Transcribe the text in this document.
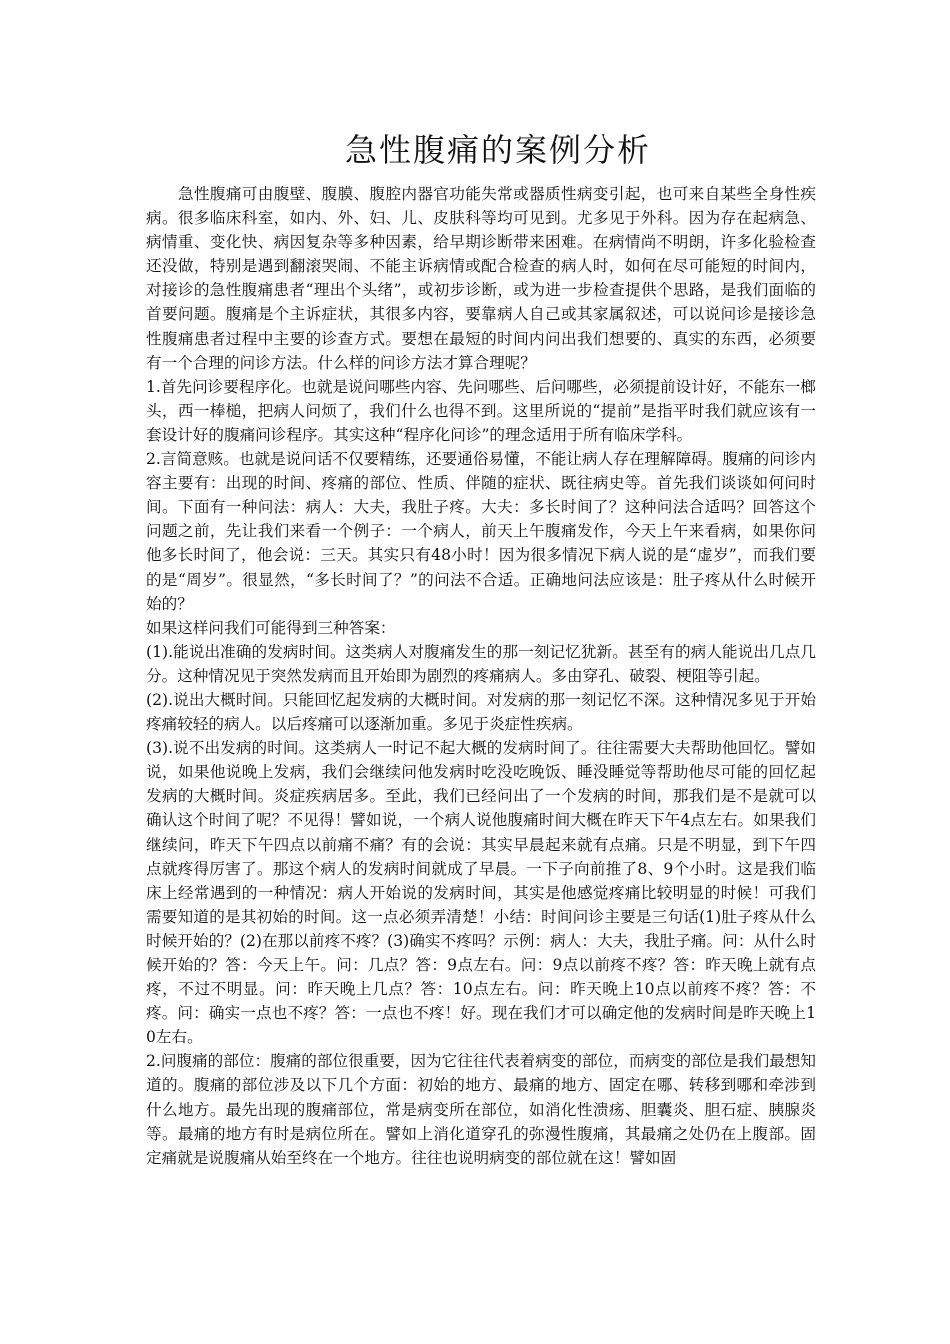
急性腹痛的案例分析

急性腹痛可由腹壁、腹膜、腹腔内器官功能失常或器质性病变引起，也可来自某些全身性疾病。很多临床科室，如内、外、妇、儿、皮肤科等均可见到。尤多见于外科。因为存在起病急、病情重、变化快、病因复杂等多种因素，给早期诊断带来困难。在病情尚不明朗，许多化验检查还没做，特别是遇到翻滚哭闹、不能主诉病情或配合检查的病人时，如何在尽可能短的时间内，对接诊的急性腹痛患者“理出个头绪”，或初步诊断，或为进一步检查提供个思路，是我们面临的首要问题。腹痛是个主诉症状，其很多内容，要靠病人自己或其家属叙述，可以说问诊是接诊急性腹痛患者过程中主要的诊查方式。要想在最短的时间内问出我们想要的、真实的东西，必须要有一个合理的问诊方法。什么样的问诊方法才算合理呢？

1.首先问诊要程序化。也就是说问哪些内容、先问哪些、后问哪些，必须提前设计好，不能东一榔头，西一棒槌，把病人问烦了，我们什么也得不到。这里所说的“提前”是指平时我们就应该有一套设计好的腹痛问诊程序。其实这种“程序化问诊”的理念适用于所有临床学科。

2.言简意赅。也就是说问话不仅要精练，还要通俗易懂，不能让病人存在理解障碍。腹痛的问诊内容主要有：出现的时间、疼痛的部位、性质、伴随的症状、既往病史等。首先我们谈谈如何问时间。下面有一种问法：病人：大夫，我肚子疼。大夫：多长时间了？这种问法合适吗？回答这个问题之前，先让我们来看一个例子：一个病人，前天上午腹痛发作，今天上午来看病，如果你问他多长时间了，他会说：三天。其实只有48小时！因为很多情况下病人说的是“虚岁”，而我们要的是“周岁”。很显然，“多长时间了？”的问法不合适。正确地问法应该是：肚子疼从什么时候开始的？

如果这样问我们可能得到三种答案：

(1).能说出准确的发病时间。这类病人对腹痛发生的那一刻记忆犹新。甚至有的病人能说出几点几分。这种情况见于突然发病而且开始即为剧烈的疼痛病人。多由穿孔、破裂、梗阻等引起。

(2).说出大概时间。只能回忆起发病的大概时间。对发病的那一刻记忆不深。这种情况多见于开始疼痛较轻的病人。以后疼痛可以逐渐加重。多见于炎症性疾病。

(3).说不出发病的时间。这类病人一时记不起大概的发病时间了。往往需要大夫帮助他回忆。譬如说，如果他说晚上发病，我们会继续问他发病时吃没吃晚饭、睡没睡觉等帮助他尽可能的回忆起发病的大概时间。炎症疾病居多。至此，我们已经问出了一个发病的时间，那我们是不是就可以确认这个时间了呢？不见得！譬如说，一个病人说他腹痛时间大概在昨天下午4点左右。如果我们继续问，昨天下午四点以前痛不痛？有的会说：其实早晨起来就有点痛。只是不明显，到下午四点就疼得厉害了。那这个病人的发病时间就成了早晨。一下子向前推了8、9个小时。这是我们临床上经常遇到的一种情况：病人开始说的发病时间，其实是他感觉疼痛比较明显的时候！可我们需要知道的是其初始的时间。这一点必须弄清楚！小结：时间问诊主要是三句话(1)肚子疼从什么时候开始的？(2)在那以前疼不疼？(3)确实不疼吗？示例：病人：大夫，我肚子痛。问：从什么时候开始的？答：今天上午。问：几点？答：9点左右。问：9点以前疼不疼？答：昨天晚上就有点疼，不过不明显。问：昨天晚上几点？答：10点左右。问：昨天晚上10点以前疼不疼？答：不疼。问：确实一点也不疼？答：一点也不疼！好。现在我们才可以确定他的发病时间是昨天晚上10左右。

2.问腹痛的部位：腹痛的部位很重要，因为它往往代表着病变的部位，而病变的部位是我们最想知道的。腹痛的部位涉及以下几个方面：初始的地方、最痛的地方、固定在哪、转移到哪和牵涉到什么地方。最先出现的腹痛部位，常是病变所在部位，如消化性溃疡、胆囊炎、胆石症、胰腺炎等。最痛的地方有时是病位所在。譬如上消化道穿孔的弥漫性腹痛，其最痛之处仍在上腹部。固定痛就是说腹痛从始至终在一个地方。往往也说明病变的部位就在这！譬如固
